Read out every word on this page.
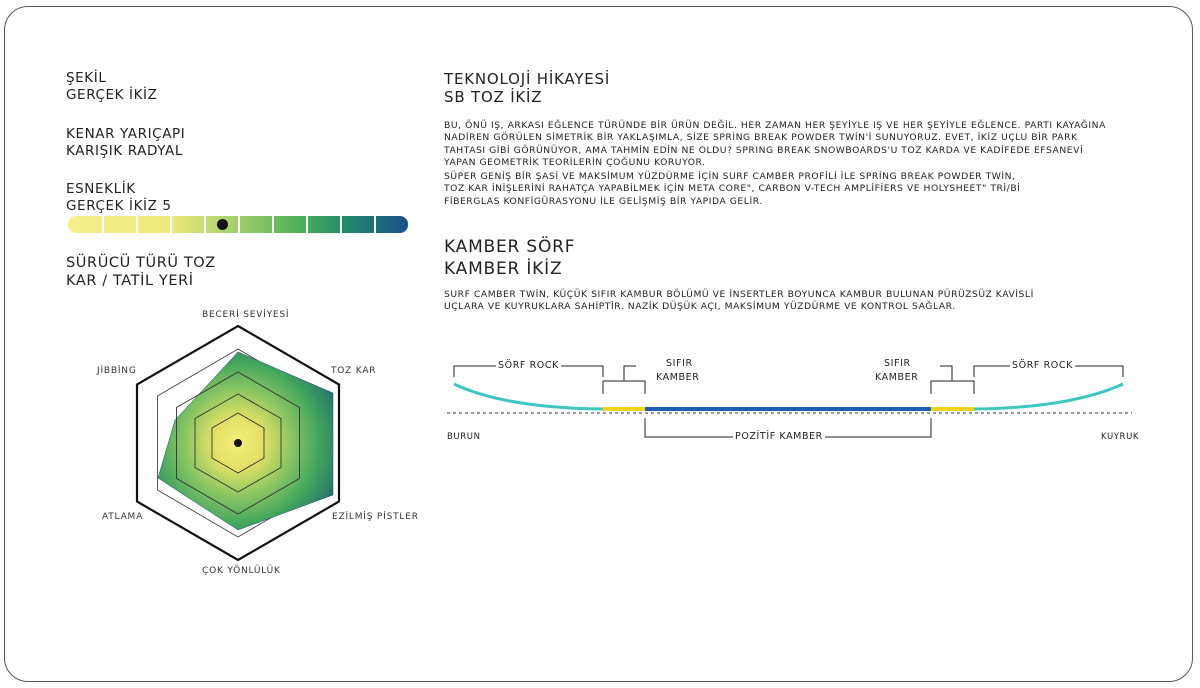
ŞEKİL
GERÇEK İKİZ
KENAR YARIÇAPI
KARIŞIK RADYAL
ESNEKLİK
GERÇEK İKİZ 5
SÜRÜCÜ TÜRÜ TOZ
KAR / TATİL YERİ
BECERİ SEVİYESİ
TOZ KAR
EZİLMİŞ PİSTLER
ÇOK YÖNLÜLÜK
ATLAMA
JİBBİNG
TEKNOLOJİ HİKAYESİ
SB TOZ İKİZ
BU, ÖNÜ IŞ, ARKASI EĞLENCE TÜRÜNDE BİR ÜRÜN DEĞİL. HER ZAMAN HER ŞEYİYLE IŞ VE HER ŞEYİYLE EĞLENCE. PARTI KAYAĞINA
NADİREN GÖRÜLEN SİMETRİK BİR YAKLAŞIMLA, SİZE SPRİNG BREAK POWDER TWİN'İ SUNUYORUZ. EVET, İKİZ UÇLU BİR PARK
TAHTASI GİBİ GÖRÜNÜYOR, AMA TAHMİN EDİN NE OLDU? SPRING BREAK SNOWBOARDS'U TOZ KARDA VE KADİFEDE EFSANEVİ
YAPAN GEOMETRİK TEORİLERİN ÇOĞUNU KORUYOR.
SÜPER GENİŞ BİR ŞASİ VE MAKSİMUM YÜZDÜRME İÇİN SURF CAMBER PROFİLİ İLE SPRİNG BREAK POWDER TWİN,
TOZ KAR İNİŞLERİNİ RAHATÇA YAPABİLMEK İÇİN META CORE", CARBON V-TECH AMPLİFİERS VE HOLYSHEET" TRİ/Bİ
FİBERGLAS KONFİGÜRASYONU İLE GELİŞMİŞ BİR YAPIDA GELİR.
KAMBER SÖRF
KAMBER İKİZ
SURF CAMBER TWİN, KÜÇÜK SIFIR KAMBUR BÖLÜMÜ VE İNSERTLER BOYUNCA KAMBUR BULUNAN PÜRÜZSÜZ KAVİSLİ
UÇLARA VE KUYRUKLARA SAHİPTİR. NAZİK DÜŞÜK AÇI, MAKSİMUM YÜZDÜRME VE KONTROL SAĞLAR.
SÖRF ROCK	SÖRF ROCK
SIFIR
KAMBER
SIFIR
KAMBER
POZİTİF KAMBER
BURUN	KUYRUK
